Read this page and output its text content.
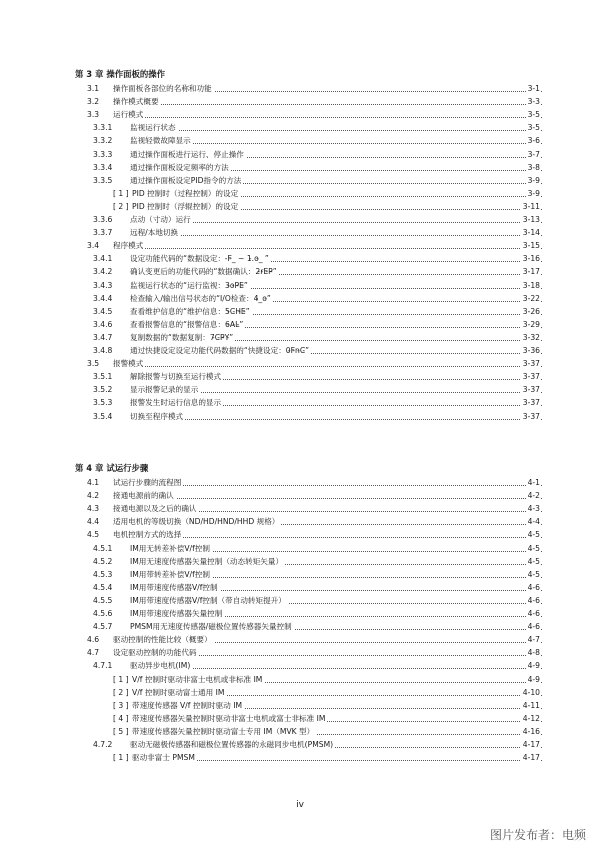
第 3 章 操作面板的操作
3.1 操作面板各部位的名称和功能	3-1
3.2 操作模式概要	3-3
3.3 运行模式	3-5
3.3.1 监视运行状态	3-5
3.3.2 监视轻微故障显示	3-6
3.3.3 通过操作面板进行运行、停止操作	3-7
3.3.4 通过操作面板设定频率的方法	3-8
3.3.5 通过操作面板设定PID指令的方法	3-9
[ 1 ] PID 控制时（过程控制）的设定	3-9
[ 2 ] PID 控制时（浮辊控制）的设定	3-11
3.3.6 点动（寸动）运行	3-13
3.3.7 远程/本地切换	3-14
3.4 程序模式	3-15
3.4.1 设定功能代码的“数据设定： ̵F̵_ ~ 1̵.o̵_ ”	3-16
3.4.2 确认变更后的功能代码的“数据确认：2̵r̵E̵P̵”	3-17
3.4.3 监视运行状态的“运行监视：3̵o̵P̵E̵”	3-18
3.4.4 检查输入/输出信号状态的“I/O检查：4̵_o̵”	3-22
3.4.5 查看维护信息的“维护信息：5̵C̵H̵E̵”	3-26
3.4.6 查看报警信息的“报警信息：6̵A̵L̵”	3-29
3.4.7 复制数据的“数据复制：7̵C̵P̵Y̵”	3-32
3.4.8 通过快捷设定设定功能代码数据的“快捷设定：0̵F̵n̵C̵”	3-36
3.5 报警模式	3-37
3.5.1 解除报警与切换至运行模式	3-37
3.5.2 显示报警记录的显示	3-37
3.5.3 报警发生时运行信息的显示	3-37
3.5.4 切换至程序模式	3-37
第 4 章 试运行步骤
4.1 试运行步骤的流程图	4-1
4.2 接通电源前的确认	4-2
4.3 接通电源以及之后的确认	4-3
4.4 适用电机的等级切换（ND/HD/HND/HHD 规格）	4-4
4.5 电机控制方式的选择	4-5
4.5.1 IM用无转差补偿V/f控制	4-5
4.5.2 IM用无速度传感器矢量控制（动态转矩矢量）	4-5
4.5.3 IM用带转差补偿V/f控制	4-5
4.5.4 IM用带速度传感器V/f控制	4-6
4.5.5 IM用带速度传感器V/f控制（带自动转矩提升）	4-6
4.5.6 IM用带速度传感器矢量控制	4-6
4.5.7 PMSM用无速度传感器/磁极位置传感器矢量控制	4-6
4.6 驱动控制的性能比较（概要）	4-7
4.7 设定驱动控制的功能代码	4-8
4.7.1 驱动异步电机(IM)	4-9
[ 1 ] V/f 控制时驱动非富士电机或非标准 IM	4-9
[ 2 ] V/f 控制时驱动富士通用 IM	4-10
[ 3 ] 带速度传感器 V/f 控制时驱动 IM	4-11
[ 4 ] 带速度传感器矢量控制时驱动非富士电机或富士非标准 IM	4-12
[ 5 ] 带速度传感器矢量控制时驱动富士专用 IM（MVK 型）	4-16
4.7.2 驱动无磁极传感器和磁极位置传感器的永磁同步电机(PMSM)	4-17
[ 1 ] 驱动非富士 PMSM	4-17
iv
图片发布者：电频
